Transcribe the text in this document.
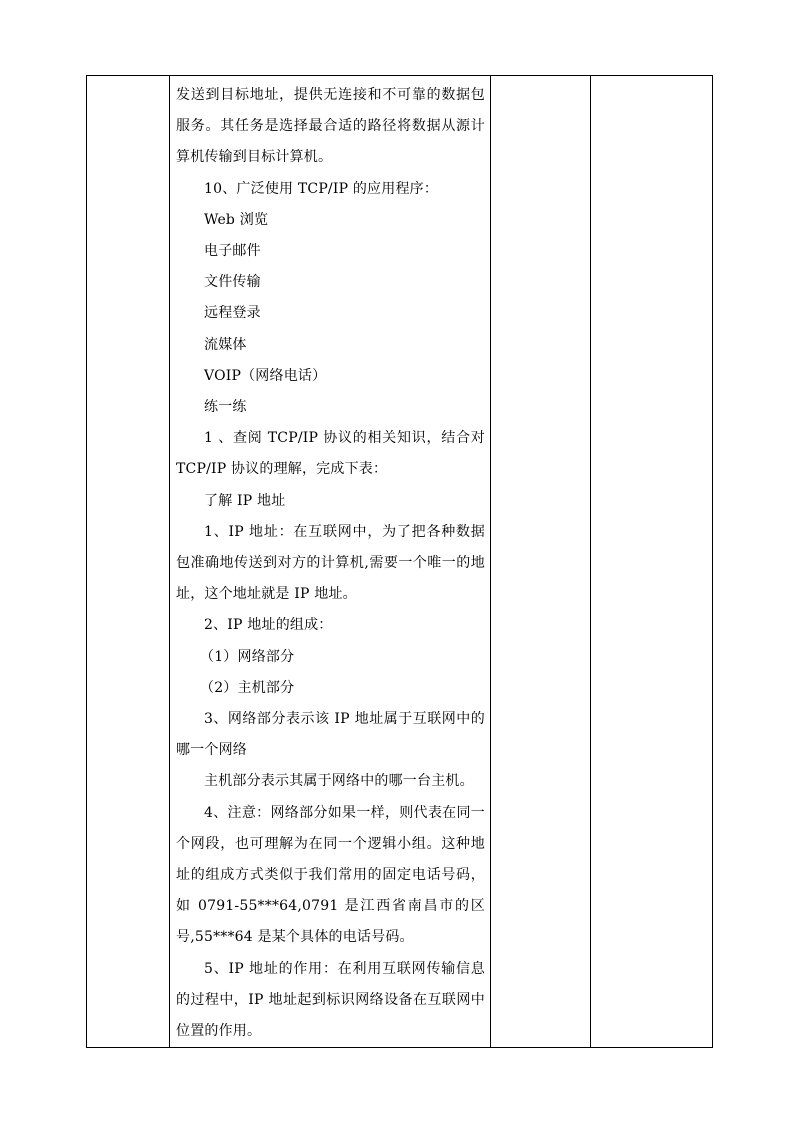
发送到目标地址，提供无连接和不可靠的数据包服务。其任务是选择最合适的路径将数据从源计算机传输到目标计算机。

10、广泛使用 TCP/IP 的应用程序：

Web 浏览

电子邮件

文件传输

远程登录

流媒体

VOIP（网络电话）

练一练

1 、查阅 TCP/IP 协议的相关知识，结合对 TCP/IP 协议的理解，完成下表：

了解 IP 地址

1、IP 地址：在互联网中，为了把各种数据包准确地传送到对方的计算机,需要一个唯一的地址，这个地址就是 IP 地址。

2、IP 地址的组成：

（1）网络部分

（2）主机部分

3、网络部分表示该 IP 地址属于互联网中的哪一个网络

主机部分表示其属于网络中的哪一台主机。

4、注意：网络部分如果一样，则代表在同一个网段，也可理解为在同一个逻辑小组。这种地址的组成方式类似于我们常用的固定电话号码，如 0791-55***64,0791 是江西省南昌市的区号,55***64 是某个具体的电话号码。

5、IP 地址的作用：在利用互联网传输信息的过程中，IP 地址起到标识网络设备在互联网中位置的作用。
